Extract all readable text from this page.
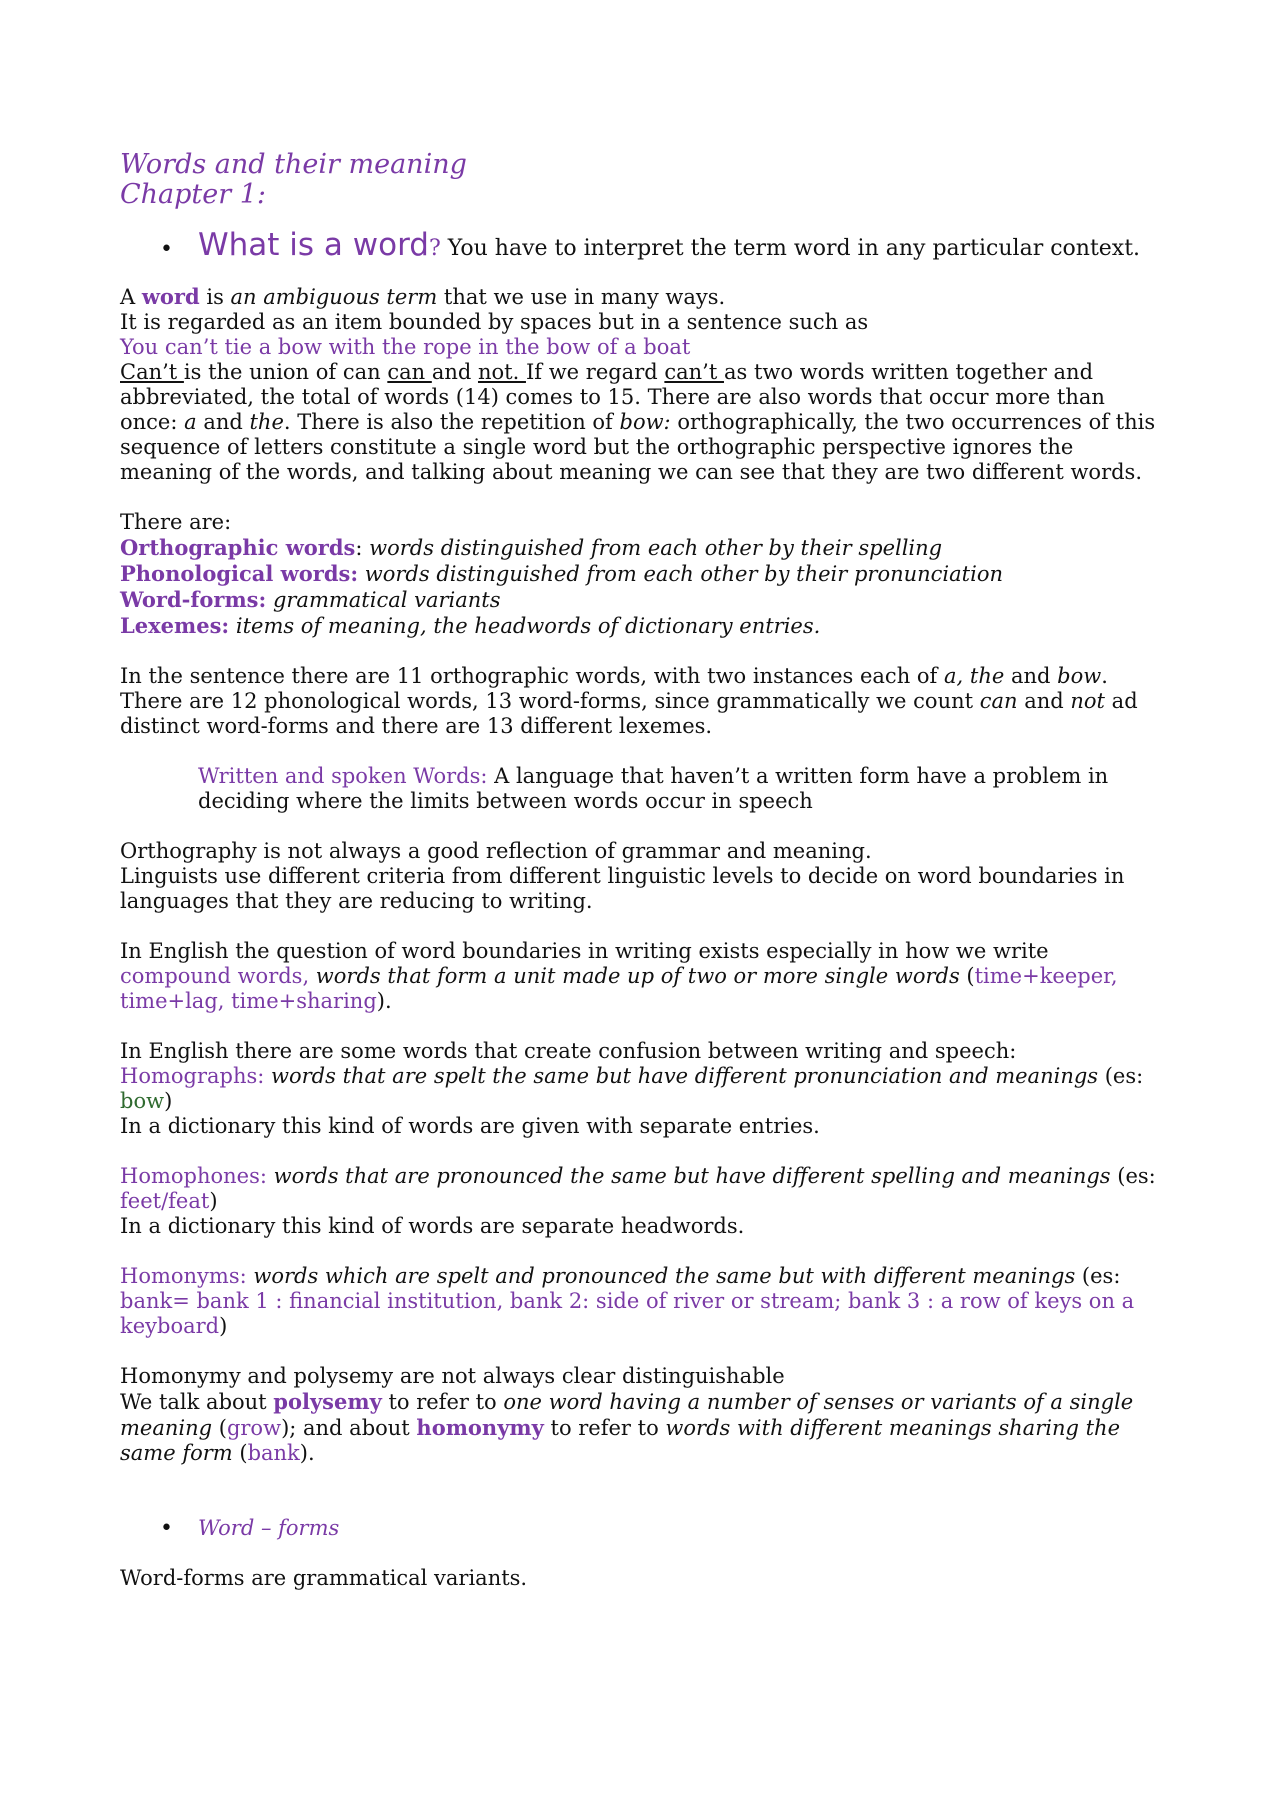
Words and their meaning

Chapter 1:

• What is a word? You have to interpret the term word in any particular context.

A word is an ambiguous term that we use in many ways.

It is regarded as an item bounded by spaces but in a sentence such as

You can’t tie a bow with the rope in the bow of a boat

Can’t is the union of can can and not. If we regard can’t as two words written together and abbreviated, the total of words (14) comes to 15. There are also words that occur more than once: a and the. There is also the repetition of bow: orthographically, the two occurrences of this sequence of letters constitute a single word but the orthographic perspective ignores the meaning of the words, and talking about meaning we can see that they are two different words.

There are:

Orthographic words: words distinguished from each other by their spelling

Phonological words: words distinguished from each other by their pronunciation

Word-forms: grammatical variants

Lexemes: items of meaning, the headwords of dictionary entries.

In the sentence there are 11 orthographic words, with two instances each of a, the and bow. There are 12 phonological words, 13 word-forms, since grammatically we count can and not ad distinct word-forms and there are 13 different lexemes.

Written and spoken Words: A language that haven’t a written form have a problem in deciding where the limits between words occur in speech

Orthography is not always a good reflection of grammar and meaning.

Linguists use different criteria from different linguistic levels to decide on word boundaries in languages that they are reducing to writing.

In English the question of word boundaries in writing exists especially in how we write compound words, words that form a unit made up of two or more single words (time+keeper, time+lag, time+sharing).

In English there are some words that create confusion between writing and speech:

Homographs: words that are spelt the same but have different pronunciation and meanings (es: bow)

In a dictionary this kind of words are given with separate entries.

Homophones: words that are pronounced the same but have different spelling and meanings (es: feet/feat)

In a dictionary this kind of words are separate headwords.

Homonyms: words which are spelt and pronounced the same but with different meanings (es: bank= bank 1 : financial institution, bank 2: side of river or stream; bank 3 : a row of keys on a keyboard)

Homonymy and polysemy are not always clear distinguishable

We talk about polysemy to refer to one word having a number of senses or variants of a single meaning (grow); and about homonymy to refer to words with different meanings sharing the same form (bank).

• Word – forms

Word-forms are grammatical variants.
